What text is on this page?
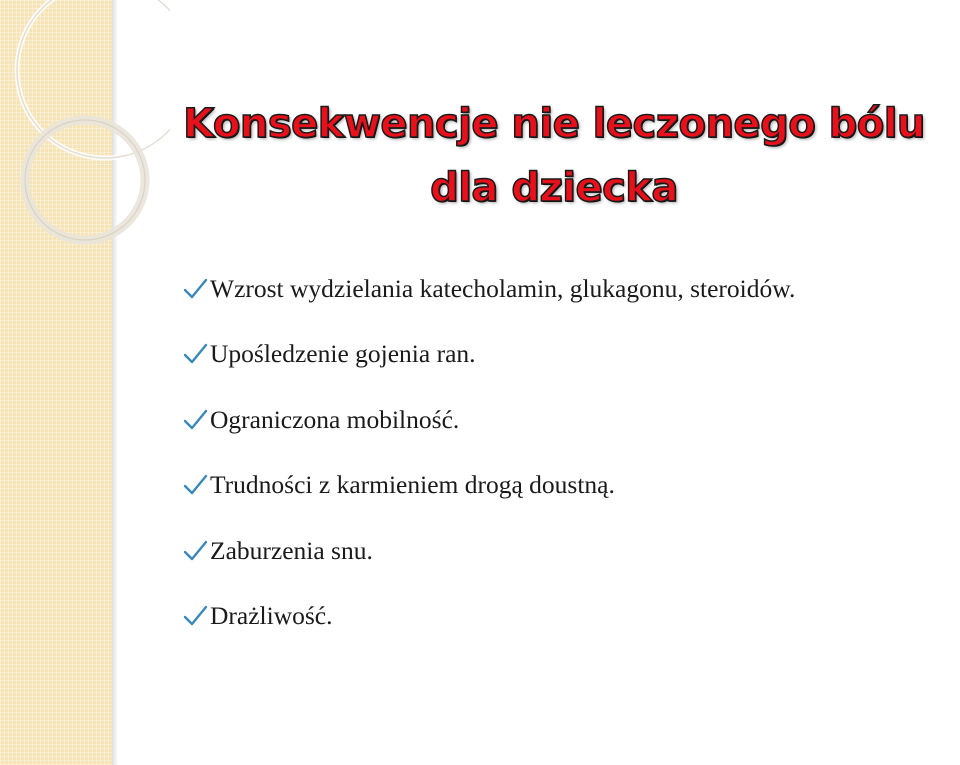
Konsekwencje nie leczonego bólu dla dziecka
Wzrost wydzielania katecholamin, glukagonu, steroidów.
Upośledzenie gojenia ran.
Ograniczona mobilność.
Trudności z karmieniem drogą doustną.
Zaburzenia snu.
Drażliwość.
